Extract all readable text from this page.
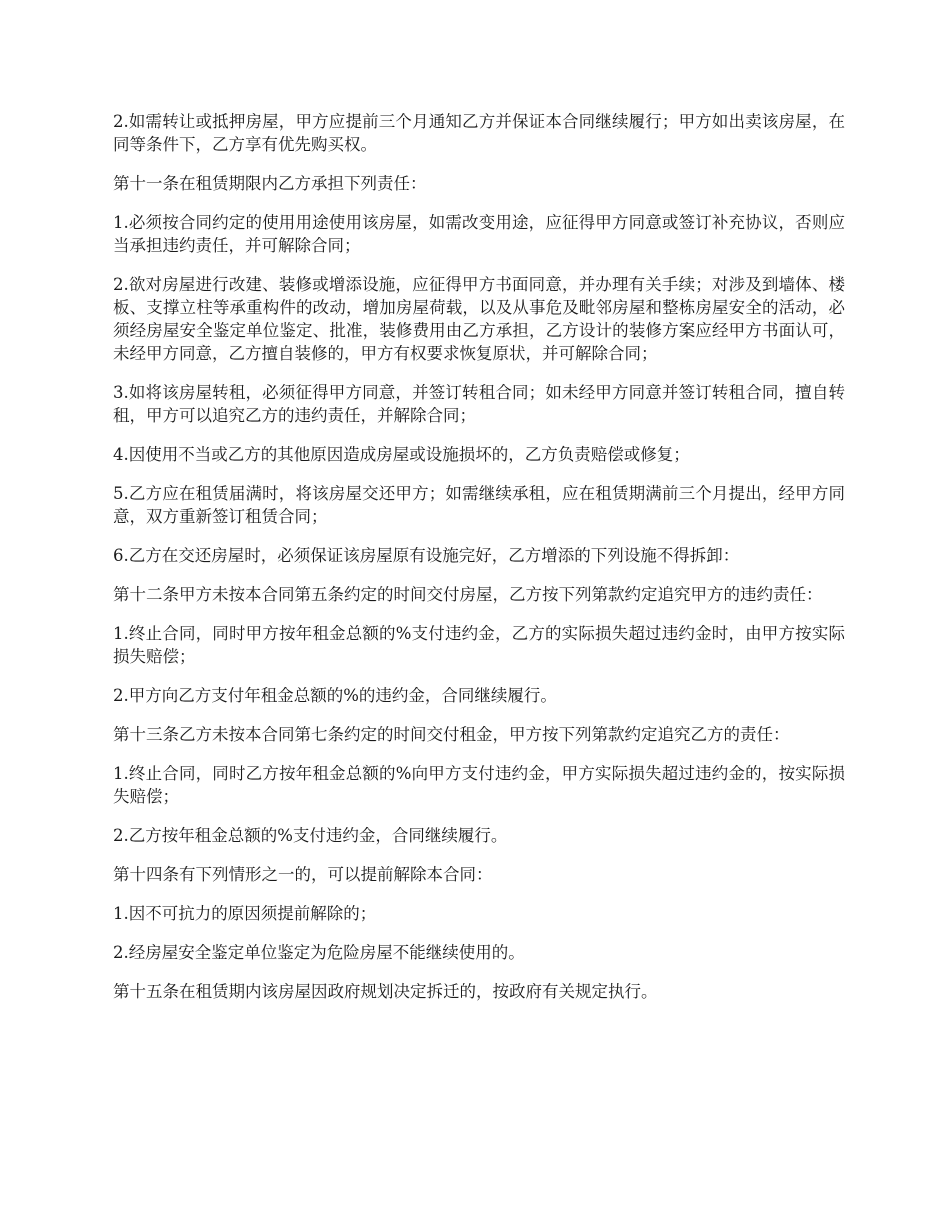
2.如需转让或抵押房屋，甲方应提前三个月通知乙方并保证本合同继续履行；甲方如出卖该房屋，在同等条件下，乙方享有优先购买权。

第十一条在租赁期限内乙方承担下列责任：

1.必须按合同约定的使用用途使用该房屋，如需改变用途，应征得甲方同意或签订补充协议，否则应当承担违约责任，并可解除合同；

2.欲对房屋进行改建、装修或增添设施，应征得甲方书面同意，并办理有关手续；对涉及到墙体、楼板、支撑立柱等承重构件的改动，增加房屋荷载，以及从事危及毗邻房屋和整栋房屋安全的活动，必须经房屋安全鉴定单位鉴定、批准，装修费用由乙方承担，乙方设计的装修方案应经甲方书面认可，未经甲方同意，乙方擅自装修的，甲方有权要求恢复原状，并可解除合同；

3.如将该房屋转租，必须征得甲方同意，并签订转租合同；如未经甲方同意并签订转租合同，擅自转租，甲方可以追究乙方的违约责任，并解除合同；

4.因使用不当或乙方的其他原因造成房屋或设施损坏的，乙方负责赔偿或修复；

5.乙方应在租赁届满时，将该房屋交还甲方；如需继续承租，应在租赁期满前三个月提出，经甲方同意，双方重新签订租赁合同；

6.乙方在交还房屋时，必须保证该房屋原有设施完好，乙方增添的下列设施不得拆卸：

第十二条甲方未按本合同第五条约定的时间交付房屋，乙方按下列第款约定追究甲方的违约责任：

1.终止合同，同时甲方按年租金总额的%支付违约金，乙方的实际损失超过违约金时，由甲方按实际损失赔偿；

2.甲方向乙方支付年租金总额的%的违约金，合同继续履行。

第十三条乙方未按本合同第七条约定的时间交付租金，甲方按下列第款约定追究乙方的责任：

1.终止合同，同时乙方按年租金总额的%向甲方支付违约金，甲方实际损失超过违约金的，按实际损失赔偿；

2.乙方按年租金总额的%支付违约金，合同继续履行。

第十四条有下列情形之一的，可以提前解除本合同：

1.因不可抗力的原因须提前解除的；

2.经房屋安全鉴定单位鉴定为危险房屋不能继续使用的。

第十五条在租赁期内该房屋因政府规划决定拆迁的，按政府有关规定执行。
